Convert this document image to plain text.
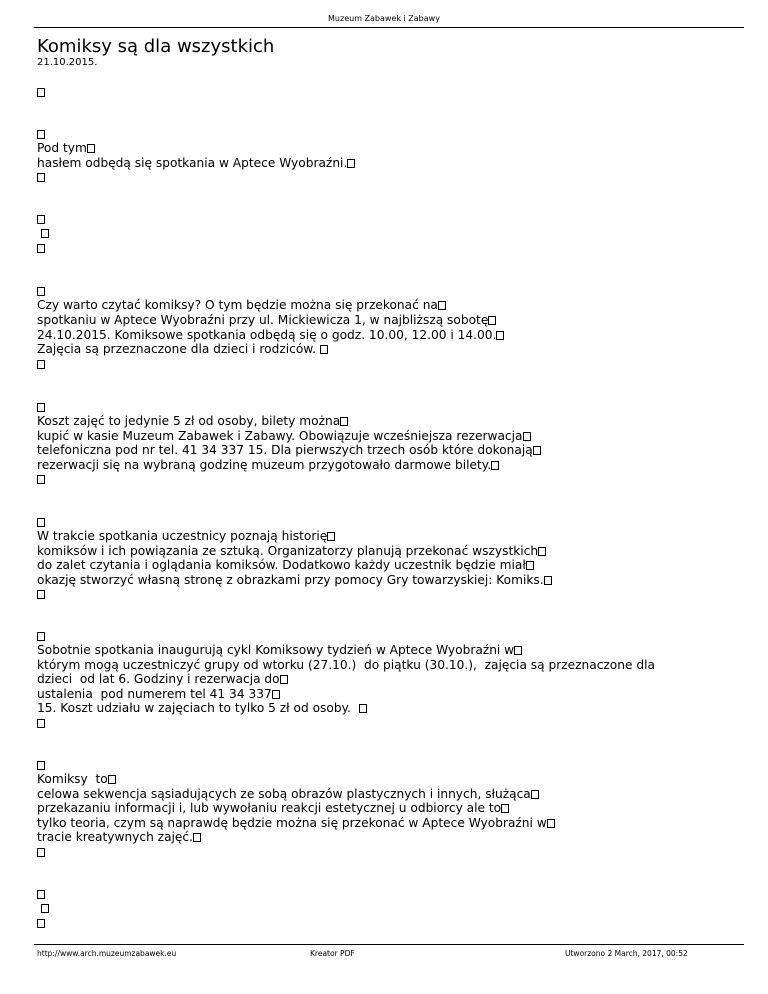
Muzeum Zabawek i Zabawy
Komiksy są dla wszystkich
21.10.2015.
Pod tym
hasłem odbędą się spotkania w Aptece Wyobraźni.

Czy warto czytać komiksy? O tym będzie można się przekonać na
spotkaniu w Aptece Wyobraźni przy ul. Mickiewicza 1, w najbliższą sobotę
24.10.2015. Komiksowe spotkania odbędą się o godz. 10.00, 12.00 i 14.00.
Zajęcia są przeznaczone dla dzieci i rodziców.
Koszt zajęć to jedynie 5 zł od osoby, bilety można
kupić w kasie Muzeum Zabawek i Zabawy. Obowiązuje wcześniejsza rezerwacja
telefoniczna pod nr tel. 41 34 337 15. Dla pierwszych trzech osób które dokonają
rezerwacji się na wybraną godzinę muzeum przygotowało darmowe bilety.
W trakcie spotkania uczestnicy poznają historię
komiksów i ich powiązania ze sztuką. Organizatorzy planują przekonać wszystkich
do zalet czytania i oglądania komiksów. Dodatkowo każdy uczestnik będzie miał
okazję stworzyć własną stronę z obrazkami przy pomocy Gry towarzyskiej: Komiks.
Sobotnie spotkania inaugurują cykl Komiksowy tydzień w Aptece Wyobraźni w
którym mogą uczestniczyć grupy od wtorku (27.10.)  do piątku (30.10.),  zajęcia są przeznaczone dla
dzieci  od lat 6. Godziny i rezerwacja do
ustalenia  pod numerem tel 41 34 337
15. Koszt udziału w zajęciach to tylko 5 zł od osoby.
Komiksy  to
celowa sekwencja sąsiadujących ze sobą obrazów plastycznych i innych, służąca
przekazaniu informacji i, lub wywołaniu reakcji estetycznej u odbiorcy ale to
tylko teoria, czym są naprawdę będzie można się przekonać w Aptece Wyobraźni w
tracie kreatywnych zajęć.

http://www.arch.muzeumzabawek.eu	Kreator PDF	Utworzono 2 March, 2017, 00:52
